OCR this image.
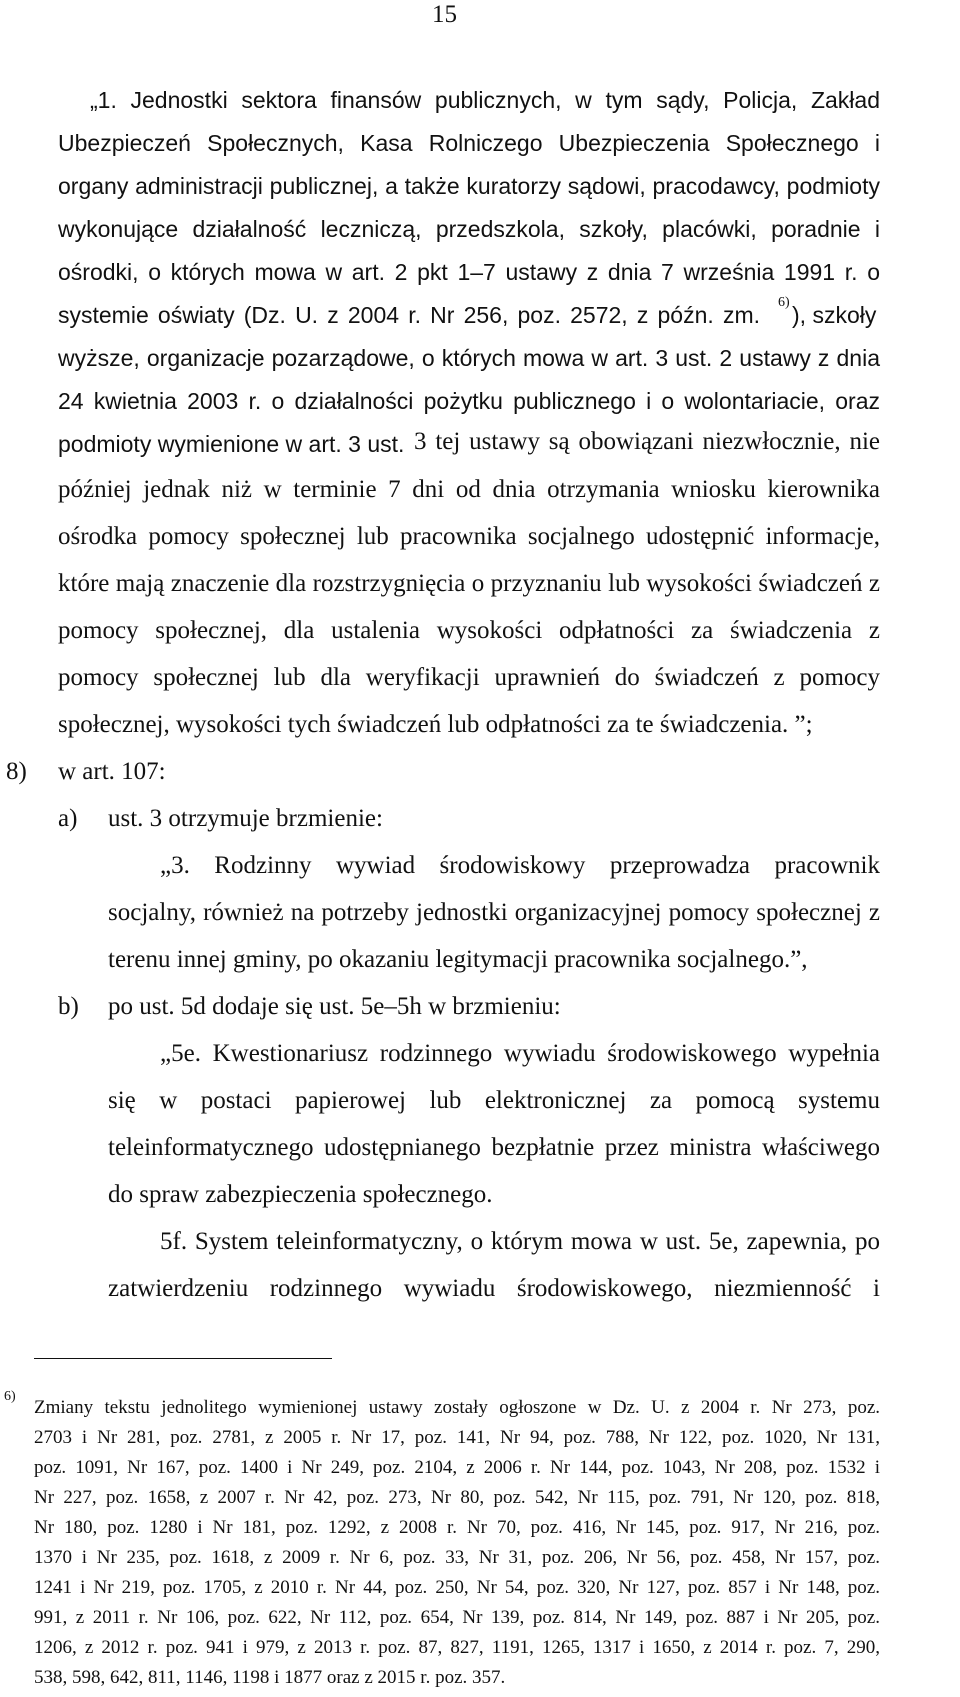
15
„1. Jednostki sektora finansów publicznych, w tym sądy, Policja, Zakład
Ubezpieczeń Społecznych, Kasa Rolniczego Ubezpieczenia Społecznego i
organy administracji publicznej, a także kuratorzy sądowi, pracodawcy, podmioty
wykonujące działalność leczniczą, przedszkola, szkoły, placówki, poradnie i
ośrodki, o których mowa w art. 2 pkt 1–7 ustawy z dnia 7 września 1991 r. o
systemie oświaty (Dz. U. z 2004 r. Nr 256, poz. 2572, z późn. zm. 6) ), szkoły
wyższe, organizacje pozarządowe, o których mowa w art. 3 ust. 2 ustawy z dnia
24 kwietnia 2003 r. o działalności pożytku publicznego i o wolontariacie, oraz
podmioty wymienione w art. 3 ust. 3 tej ustawy są obowiązani niezwłocznie, nie
później jednak niż w terminie 7 dni od dnia otrzymania wniosku kierownika
ośrodka pomocy społecznej lub pracownika socjalnego udostępnić informacje,
które mają znaczenie dla rozstrzygnięcia o przyznaniu lub wysokości świadczeń z
pomocy społecznej, dla ustalenia wysokości odpłatności za świadczenia z
pomocy społecznej lub dla weryfikacji uprawnień do świadczeń z pomocy
społecznej, wysokości tych świadczeń lub odpłatności za te świadczenia. ”;
8) w art. 107:
a) ust. 3 otrzymuje brzmienie:
„3. Rodzinny wywiad środowiskowy przeprowadza pracownik
socjalny, również na potrzeby jednostki organizacyjnej pomocy społecznej z
terenu innej gminy, po okazaniu legitymacji pracownika socjalnego.”,
b) po ust. 5d dodaje się ust. 5e–5h w brzmieniu:
„5e. Kwestionariusz rodzinnego wywiadu środowiskowego wypełnia
się w postaci papierowej lub elektronicznej za pomocą systemu
teleinformatycznego udostępnianego bezpłatnie przez ministra właściwego
do spraw zabezpieczenia społecznego.
5f. System teleinformatyczny, o którym mowa w ust. 5e, zapewnia, po
zatwierdzeniu rodzinnego wywiadu środowiskowego, niezmienność i
6)
Zmiany tekstu jednolitego wymienionej ustawy zostały ogłoszone w Dz. U. z 2004 r. Nr 273, poz.
2703 i Nr 281, poz. 2781, z 2005 r. Nr 17, poz. 141, Nr 94, poz. 788, Nr 122, poz. 1020, Nr 131,
poz. 1091, Nr 167, poz. 1400 i Nr 249, poz. 2104, z 2006 r. Nr 144, poz. 1043, Nr 208, poz. 1532 i
Nr 227, poz. 1658, z 2007 r. Nr 42, poz. 273, Nr 80, poz. 542, Nr 115, poz. 791, Nr 120, poz. 818,
Nr 180, poz. 1280 i Nr 181, poz. 1292, z 2008 r. Nr 70, poz. 416, Nr 145, poz. 917, Nr 216, poz.
1370 i Nr 235, poz. 1618, z 2009 r. Nr 6, poz. 33, Nr 31, poz. 206, Nr 56, poz. 458, Nr 157, poz.
1241 i Nr 219, poz. 1705, z 2010 r. Nr 44, poz. 250, Nr 54, poz. 320, Nr 127, poz. 857 i Nr 148, poz.
991, z 2011 r. Nr 106, poz. 622, Nr 112, poz. 654, Nr 139, poz. 814, Nr 149, poz. 887 i Nr 205, poz.
1206, z 2012 r. poz. 941 i 979, z 2013 r. poz. 87, 827, 1191, 1265, 1317 i 1650, z 2014 r. poz. 7, 290,
538, 598, 642, 811, 1146, 1198 i 1877 oraz z 2015 r. poz. 357.
